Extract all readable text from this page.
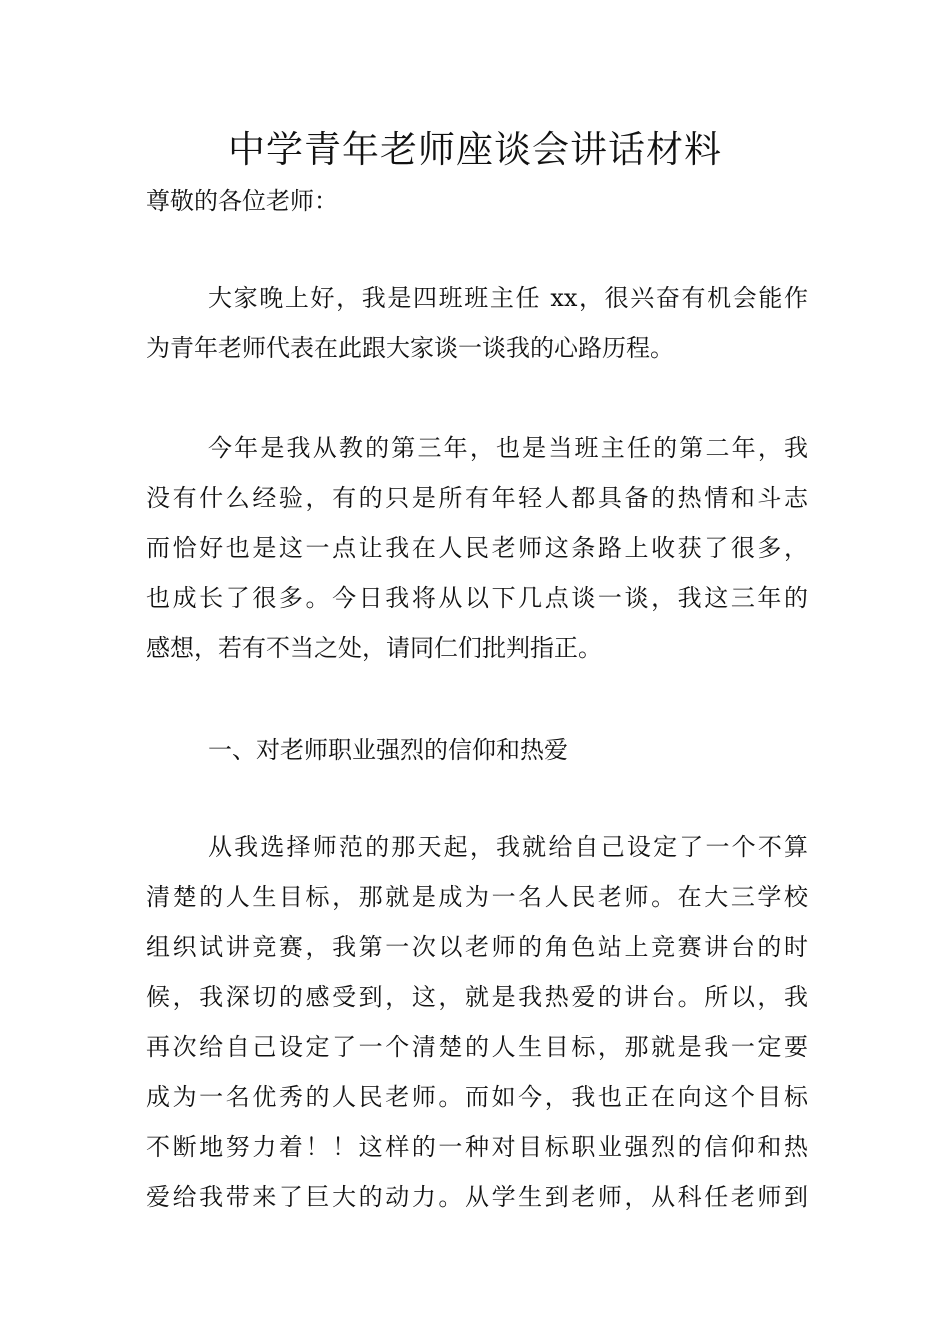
中学青年老师座谈会讲话材料
尊敬的各位老师：
大家晚上好，我是四班班主任 xx，很兴奋有机会能作
为青年老师代表在此跟大家谈一谈我的心路历程。
今年是我从教的第三年，也是当班主任的第二年，我
没有什么经验，有的只是所有年轻人都具备的热情和斗志
而恰好也是这一点让我在人民老师这条路上收获了很多，
也成长了很多。今日我将从以下几点谈一谈，我这三年的
感想，若有不当之处，请同仁们批判指正。
一、对老师职业强烈的信仰和热爱
从我选择师范的那天起，我就给自己设定了一个不算
清楚的人生目标，那就是成为一名人民老师。在大三学校
组织试讲竞赛，我第一次以老师的角色站上竞赛讲台的时
候，我深切的感受到，这，就是我热爱的讲台。所以，我
再次给自己设定了一个清楚的人生目标，那就是我一定要
成为一名优秀的人民老师。而如今，我也正在向这个目标
不断地努力着！！这样的一种对目标职业强烈的信仰和热
爱给我带来了巨大的动力。从学生到老师，从科任老师到
